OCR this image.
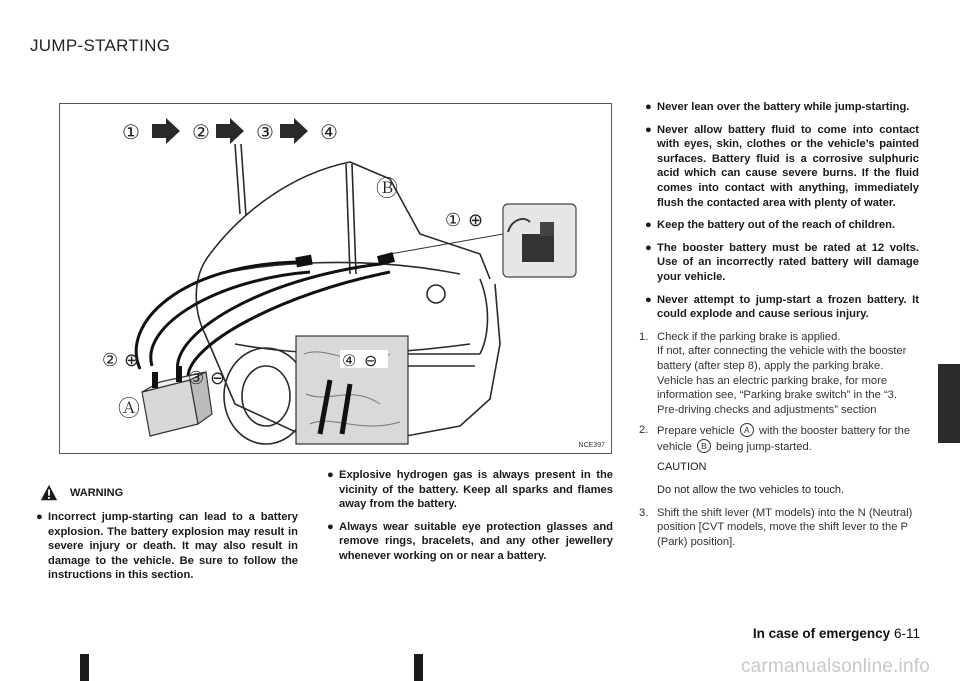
JUMP-STARTING
①	② ③ ④
④ ⊖
① ⊕
Ⓑ
② ⊕
③ ⊖
Ⓐ
NCE397
WARNING
● Incorrect jump-starting can lead to a battery explosion. The battery explosion may result in severe injury or death. It may also result in damage to the vehicle. Be sure to follow the instructions in this section.
● Explosive hydrogen gas is always present in the vicinity of the battery. Keep all sparks and flames away from the battery.
● Always wear suitable eye protection glasses and remove rings, bracelets, and any other jewellery whenever working on or near a battery.
● Never lean over the battery while jump-starting.
● Never allow battery fluid to come into contact with eyes, skin, clothes or the vehicle’s painted surfaces. Battery fluid is a corrosive sulphuric acid which can cause severe burns. If the fluid comes into contact with anything, immediately flush the contacted area with plenty of water.
● Keep the battery out of the reach of children.
● The booster battery must be rated at 12 volts. Use of an incorrectly rated battery will damage your vehicle.
● Never attempt to jump-start a frozen battery. It could explode and cause serious injury.
1. Check if the parking brake is applied.

If not, after connecting the vehicle with the booster battery (after step 8), apply the parking brake.

Vehicle has an electric parking brake, for more information see, “Parking brake switch” in the “3. Pre-driving checks and adjustments” section

2. Prepare vehicle A with the booster battery for the vehicle B being jump-started.

CAUTION

Do not allow the two vehicles to touch.

3. Shift the shift lever (MT models) into the N (Neutral) position [CVT models, move the shift lever to the P (Park) position].
In case of emergency 6-11
carmanualsonline.info
